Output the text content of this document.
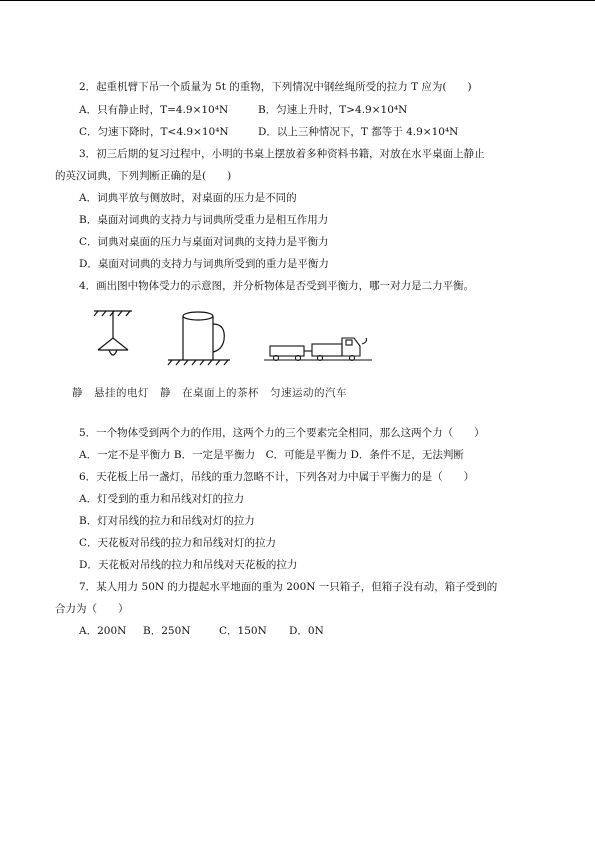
2．起重机臂下吊一个质量为 5t 的重物，下列情况中钢丝绳所受的拉力 T 应为(　　)
A．只有静止时，T=4.9×10⁴N	B．匀速上升时，T>4.9×10⁴N
C．匀速下降时，T<4.9×10⁴N	D．以上三种情况下，T 都等于 4.9×10⁴N
3．初三后期的复习过程中，小明的书桌上摆放着多种资料书籍，对放在水平桌面上静止
的英汉词典，下列判断正确的是(　　)
A．词典平放与侧放时，对桌面的压力是不同的
B．桌面对词典的支持力与词典所受重力是相互作用力
C．词典对桌面的压力与桌面对词典的支持力是平衡力
D．桌面对词典的支持力与词典所受到的重力是平衡力
4．画出图中物体受力的示意图，并分析物体是否受到平衡力，哪一对力是二力平衡。
静　悬挂的电灯　静　在桌面上的茶杯　匀速运动的汽车
5．一个物体受到两个力的作用，这两个力的三个要素完全相同，那么这两个力（　　）
A．一定不是平衡力 B．一定是平衡力　C．可能是平衡力 D．条件不足，无法判断
6．天花板上吊一盏灯，吊线的重力忽略不计，下列各对力中属于平衡力的是（　　）
A．灯受到的重力和吊线对灯的拉力
B．灯对吊线的拉力和吊线对灯的拉力
C．天花板对吊线的拉力和吊线对灯的拉力
D．天花板对吊线的拉力和吊线对天花板的拉力
7．某人用力 50N 的力提起水平地面的重为 200N 一只箱子，但箱子没有动，箱子受到的
合力为（　　）
A．200N B．250N	C．150N D．0N
